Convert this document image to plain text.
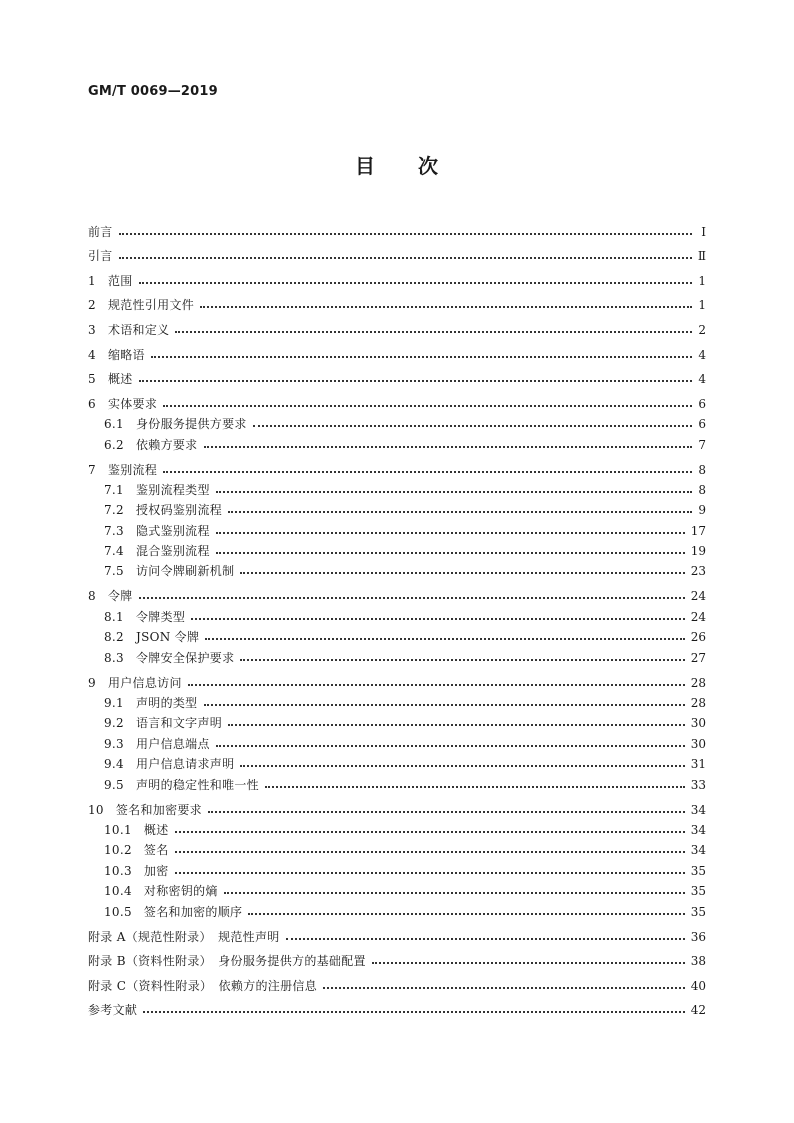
GM/T 0069—2019
目　　次
前言	Ⅰ
引言	Ⅱ
1 范围	1
2 规范性引用文件	1
3 术语和定义	2
4 缩略语	4
5 概述	4
6 实体要求	6
6.1 身份服务提供方要求	6
6.2 依赖方要求	7
7 鉴别流程	8
7.1 鉴别流程类型	8
7.2 授权码鉴别流程	9
7.3 隐式鉴别流程	17
7.4 混合鉴别流程	19
7.5 访问令牌刷新机制	23
8 令牌	24
8.1 令牌类型	24
8.2 JSON 令牌	26
8.3 令牌安全保护要求	27
9 用户信息访问	28
9.1 声明的类型	28
9.2 语言和文字声明	30
9.3 用户信息端点	30
9.4 用户信息请求声明	31
9.5 声明的稳定性和唯一性	33
10 签名和加密要求	34
10.1 概述	34
10.2 签名	34
10.3 加密	35
10.4 对称密钥的熵	35
10.5 签名和加密的顺序	35
附录 A（规范性附录）　规范性声明	36
附录 B（资料性附录）　身份服务提供方的基础配置	38
附录 C（资料性附录）　依赖方的注册信息	40
参考文献	42
